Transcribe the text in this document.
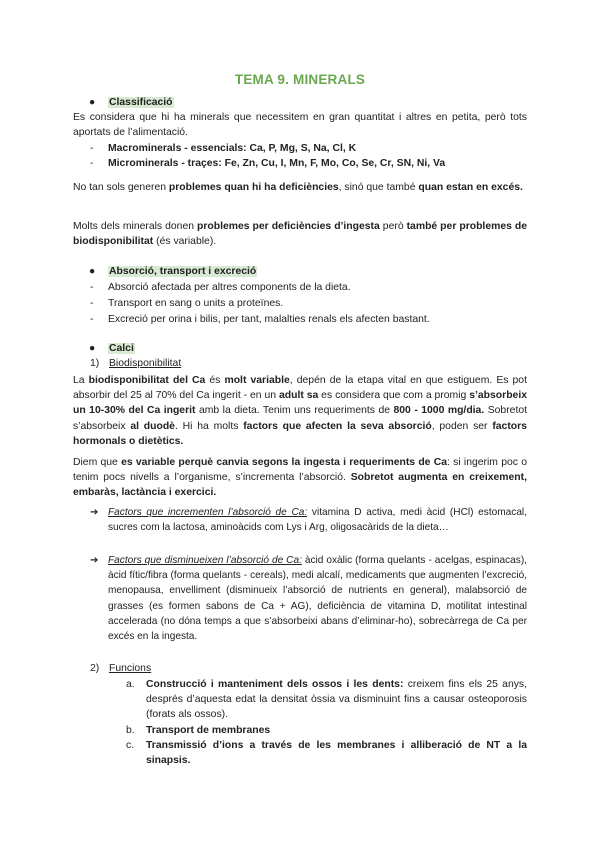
TEMA 9. MINERALS
●	Classificació
Es considera que hi ha minerals que necessitem en gran quantitat i altres en petita, però tots aportats de l’alimentació.
- Macrominerals - essencials: Ca, P, Mg, S, Na, Cl, K
- Microminerals - traçes: Fe, Zn, Cu, I, Mn, F, Mo, Co, Se, Cr, SN, Ni, Va
No tan sols generen problemes quan hi ha deficiències, sinó que també quan estan en excés.
Molts dels minerals donen problemes per deficiències d’ingesta però també per problemes de biodisponibilitat (és variable).
●	Absorció, transport i excreció
- Absorció afectada per altres components de la dieta.
- Transport en sang o units a proteïnes.
- Excreció per orina i bilis, per tant, malalties renals els afecten bastant.
●	Calci
1) Biodisponibilitat
La biodisponibilitat del Ca és molt variable, depén de la etapa vital en que estiguem. Es pot absorbir del 25 al 70% del Ca ingerit - en un adult sa es considera que com a promig s’absorbeix un 10-30% del Ca ingerit amb la dieta. Tenim uns requeriments de 800 - 1000 mg/dia. Sobretot s’absorbeix al duodè. Hi ha molts factors que afecten la seva absorció, poden ser factors hormonals o dietètics.
Diem que es variable perquè canvia segons la ingesta i requeriments de Ca: si ingerim poc o tenim pocs nivells a l’organisme, s’incrementa l’absorció. Sobretot augmenta en creixement, embaràs, lactància i exercici.
➔ Factors que incrementen l’absorció de Ca: vitamina D activa, medi àcid (HCl) estomacal, sucres com la lactosa, aminoàcids com Lys i Arg, oligosacàrids de la dieta…
➔ Factors que disminueixen l’absorció de Ca: àcid oxàlic (forma quelants - acelgas, espinacas), àcid fític/fibra (forma quelants - cereals), medi alcalí, medicaments que augmenten l’excreció, menopausa, envelliment (disminueix l’absorció de nutrients en general), malabsorció de grasses (es formen sabons de Ca + AG), deficiència de vitamina D, motilitat intestinal accelerada (no dóna temps a que s’absorbeixi abans d’eliminar-ho), sobrecàrrega de Ca per excés en la ingesta.
2) Funcions
a. Construcció i manteniment dels ossos i les dents: creixem fins els 25 anys, després d’aquesta edat la densitat òssia va disminuint fins a causar osteoporosis (forats als ossos).
b. Transport de membranes
c. Transmissió d’ions a través de les membranes i alliberació de NT a la sinapsis.
